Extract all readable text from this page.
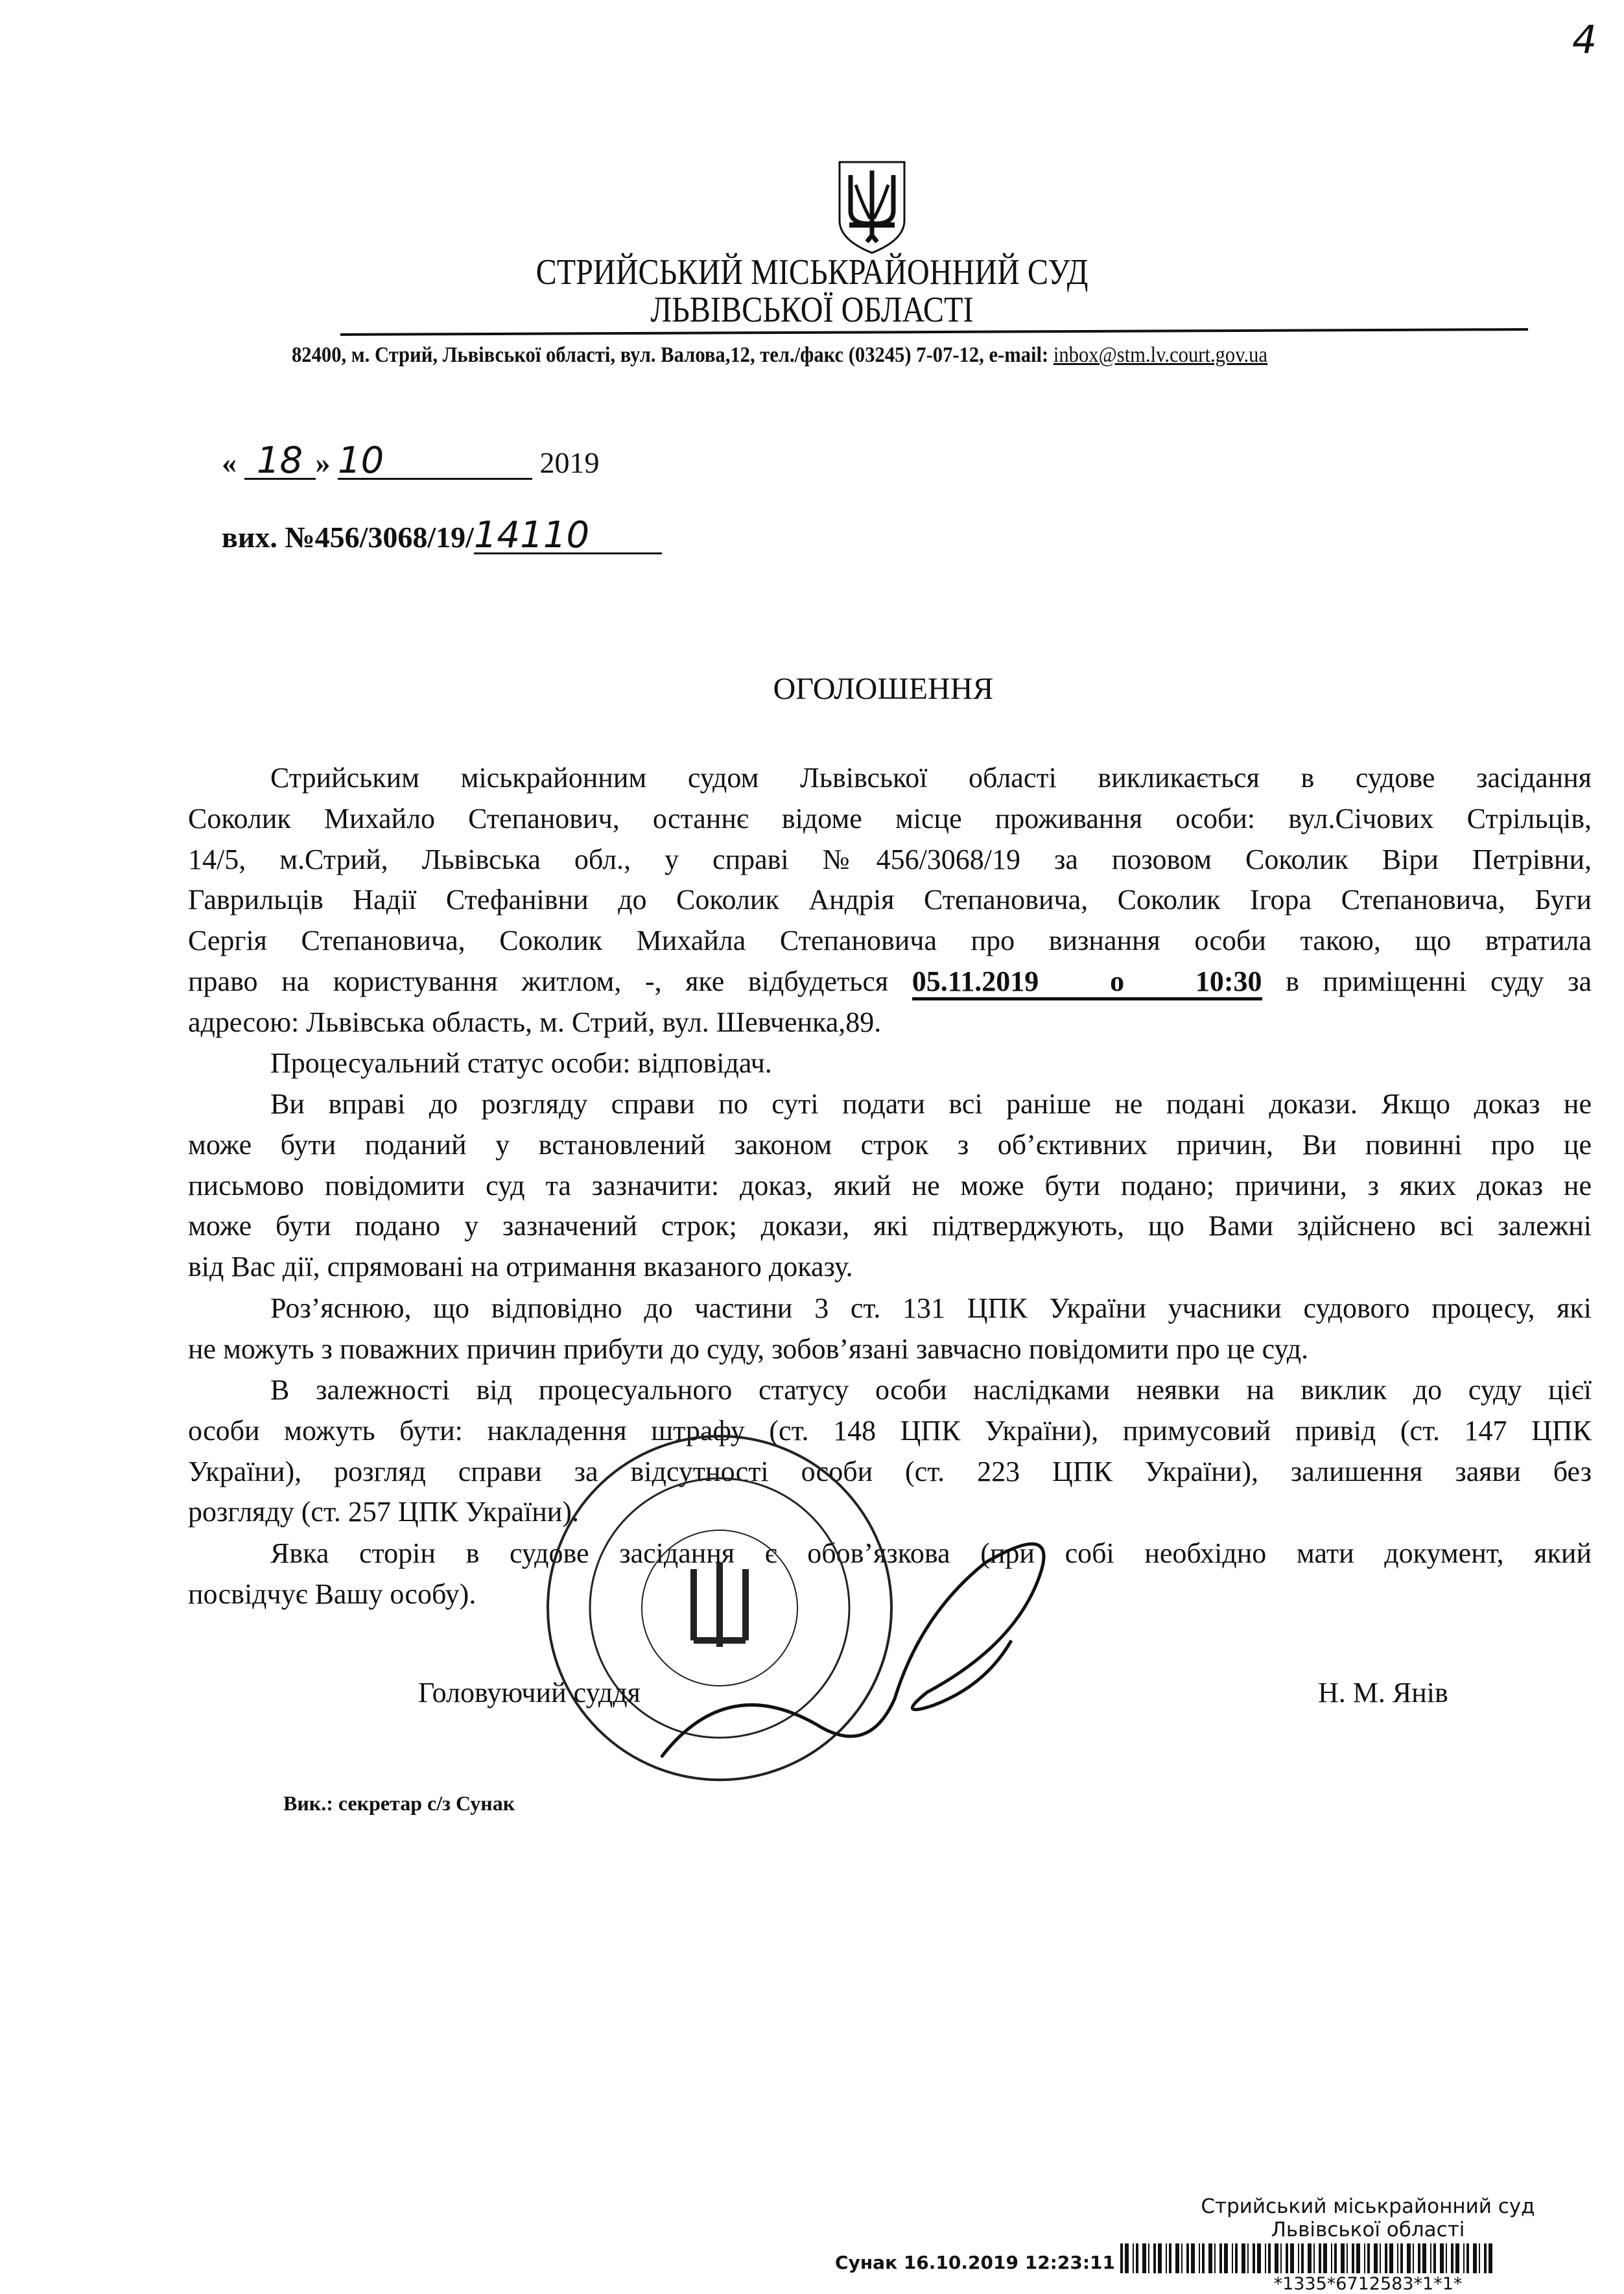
4
СТРИЙСЬКИЙ МІСЬКРАЙОННИЙ СУД
ЛЬВІВСЬКОЇ ОБЛАСТІ
82400, м. Стрий, Львівської області, вул. Валова,12, тел./факс (03245) 7-07-12, e-mail: inbox@stm.lv.court.gov.ua
« 18 » 10	2019
вих. №456/3068/19/14110
ОГОЛОШЕННЯ
Стрийським міськрайонним судом Львівської області викликається в судове засідання
Соколик Михайло Степанович, останнє відоме місце проживання особи: вул.Січових Стрільців,
14/5, м.Стрий, Львівська обл., у справі №456/3068/19 за позовом Соколик Віри Петрівни,
Гаврильців Надії Стефанівни до Соколик Андрія Степановича, Соколик Ігора Степановича, Буги
Сергія Степановича, Соколик Михайла Степановича про визнання особи такою, що втратила
Ви вправі до розгляду справи по суті подати всі раніше не подані докази. Якщо доказ не
може бути поданий у встановлений законом строк з об’єктивних причин, Ви повинні про це
письмово повідомити суд та зазначити: доказ, який не може бути подано; причини, з яких доказ не
може бути подано у зазначений строк; докази, які підтверджують, що Вами здійснено всі залежні
від Вас дії, спрямовані на отримання вказаного доказу.
Роз’яснюю, що відповідно до частини 3 ст. 131 ЦПК України учасники судового процесу, які
не можуть з поважних причин прибути до суду, зобов’язані завчасно повідомити про це суд.
В залежності від процесуального статусу особи наслідками неявки на виклик до суду цієї
особи можуть бути: накладення штрафу (ст. 148 ЦПК України), примусовий привід (ст. 147 ЦПК
України), розгляд справи за відсутності особи (ст. 223 ЦПК України), залишення заяви без
розгляду (ст. 257 ЦПК України).
Явка сторін в судове засідання є обов’язкова (при собі необхідно мати документ, який
посвідчує Вашу особу).
право на користування житлом, -, яке відбудеться 05.11.2019 о 10:30 в приміщенні суду за
адресою: Львівська область, м. Стрий, вул. Шевченка,89.
Процесуальний статус особи: відповідач.
Головуючий суддя	Н. М. Янів
Вик.: секретар с/з Сунак
Стрийський міськрайонний суд
Львівської області
Сунак 16.10.2019 12:23:11
*1335*6712583*1*1*
